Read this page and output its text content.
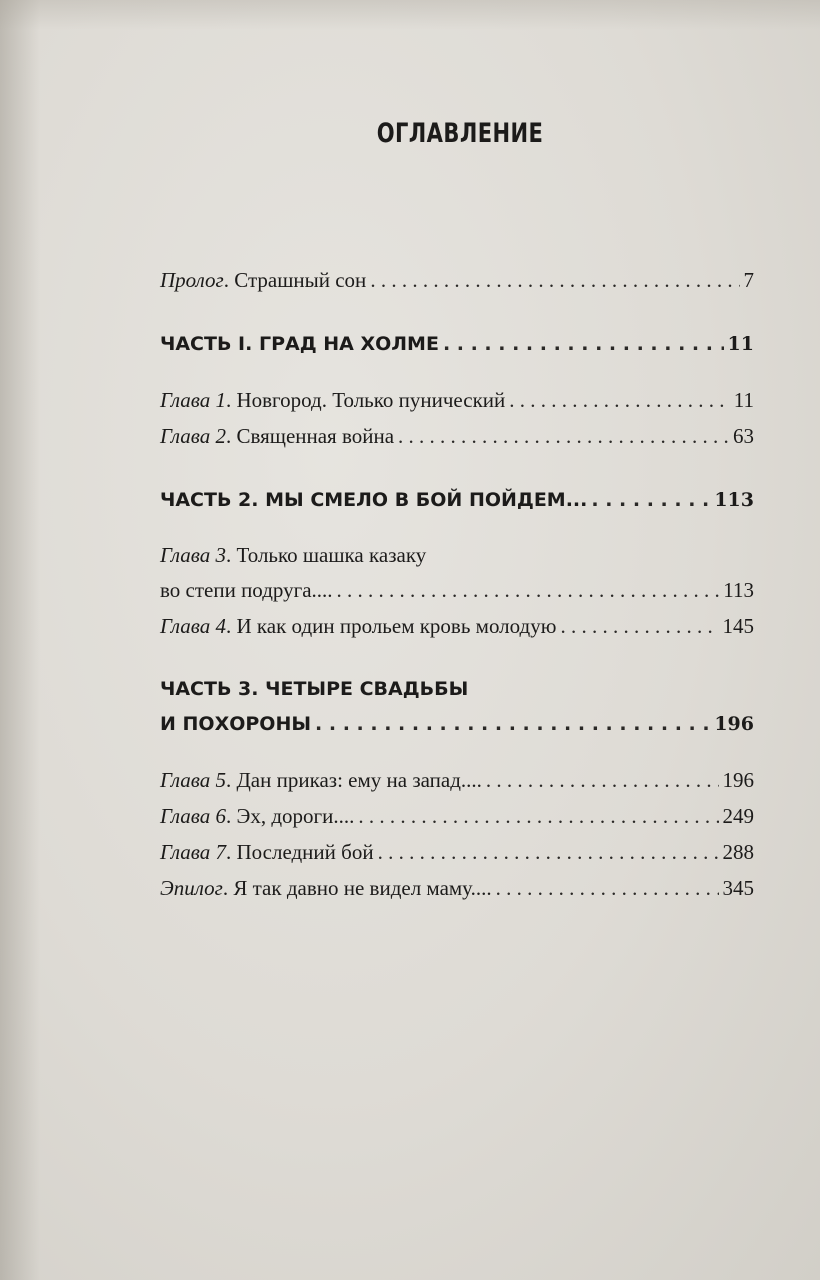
ОГЛАВЛЕНИЕ
Пролог . Страшный сон . . .	7
ЧАСТЬ I. ГРАД НА ХОЛМЕ . . .	11
Глава 1 . Новгород. Только пунический . . .	11
Глава 2 . Священная война . . .	63
ЧАСТЬ 2. МЫ СМЕЛО В БОЙ ПОЙДЕМ... . . .	113
Глава 3. Только шашка казаку
во степи подруга.... . . .	113
Глава 4 . И как один прольем кровь молодую . . .	145
ЧАСТЬ 3. ЧЕТЫРЕ СВАДЬБЫ
И ПОХОРОНЫ . . .	196
Глава 5 . Дан приказ: ему на запад.... . . .	196
Глава 6 . Эх, дороги.... . . .	249
Глава 7 . Последний бой . . .	288
Эпилог . Я так давно не видел маму.... . . .	345
